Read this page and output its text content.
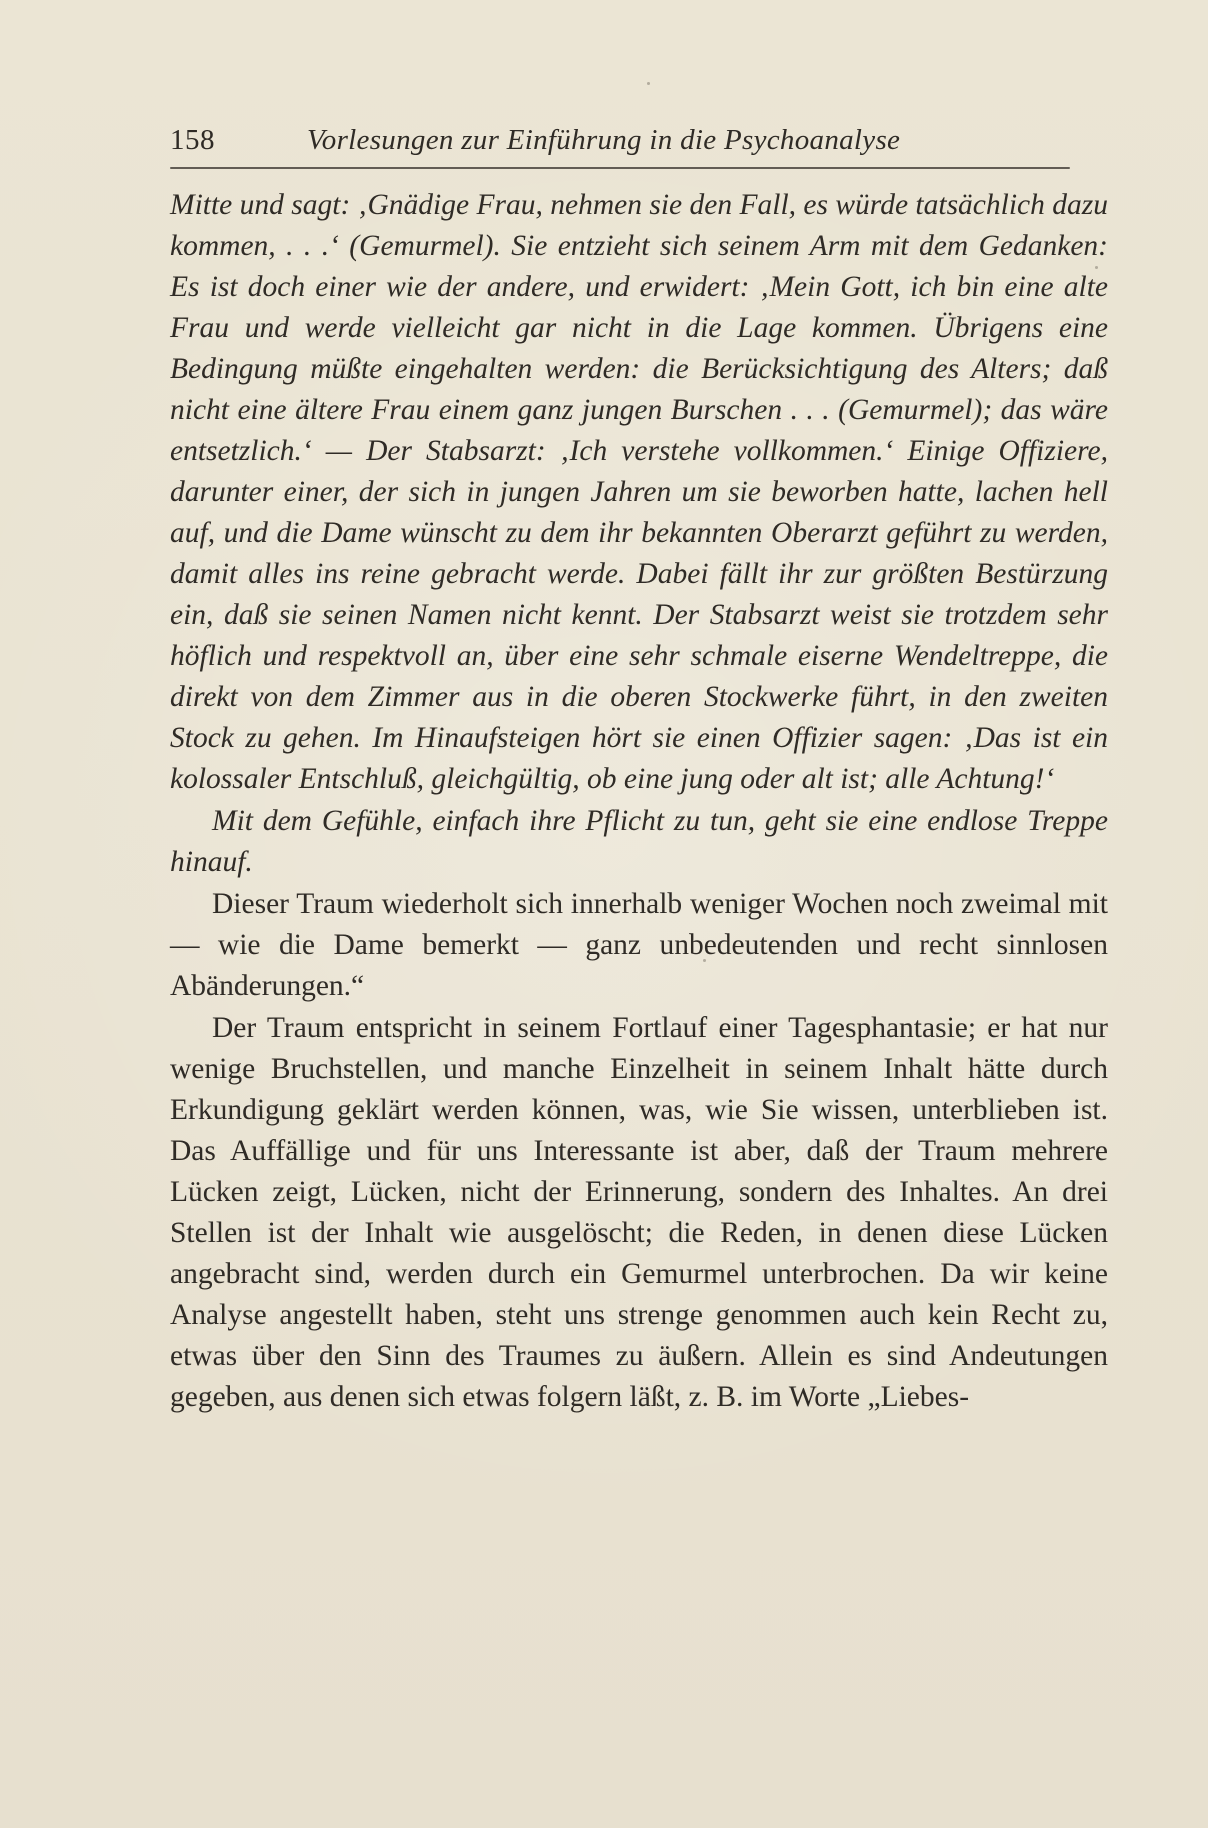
158	Vorlesungen zur Einführung in die Psychoanalyse

Mitte und sagt: ‚Gnädige Frau, nehmen sie den Fall, es würde tatsächlich dazu kommen, . . .‘ (Gemurmel). Sie entzieht sich seinem Arm mit dem Gedanken: Es ist doch einer wie der andere, und erwidert: ‚Mein Gott, ich bin eine alte Frau und werde vielleicht gar nicht in die Lage kommen. Übrigens eine Bedingung müßte eingehalten werden: die Berücksichtigung des Alters; daß nicht eine ältere Frau einem ganz jungen Burschen . . . (Gemurmel); das wäre entsetzlich.‘ — Der Stabsarzt: ‚Ich verstehe vollkommen.‘ Einige Offiziere, darunter einer, der sich in jungen Jahren um sie beworben hatte, lachen hell auf, und die Dame wünscht zu dem ihr bekannten Oberarzt geführt zu werden, damit alles ins reine gebracht werde. Dabei fällt ihr zur größten Bestürzung ein, daß sie seinen Namen nicht kennt. Der Stabsarzt weist sie trotzdem sehr höflich und respektvoll an, über eine sehr schmale eiserne Wendeltreppe, die direkt von dem Zimmer aus in die oberen Stockwerke führt, in den zweiten Stock zu gehen. Im Hinaufsteigen hört sie einen Offizier sagen: ‚Das ist ein kolossaler Entschluß, gleichgültig, ob eine jung oder alt ist; alle Achtung!‘

Mit dem Gefühle, einfach ihre Pflicht zu tun, geht sie eine endlose Treppe hinauf.

Dieser Traum wiederholt sich innerhalb weniger Wochen noch zweimal mit — wie die Dame bemerkt — ganz unbedeutenden und recht sinnlosen Abänderungen.“

Der Traum entspricht in seinem Fortlauf einer Tagesphantasie; er hat nur wenige Bruchstellen, und manche Einzelheit in seinem Inhalt hätte durch Erkundigung geklärt werden können, was, wie Sie wissen, unterblieben ist. Das Auffällige und für uns Interessante ist aber, daß der Traum mehrere Lücken zeigt, Lücken, nicht der Erinnerung, sondern des Inhaltes. An drei Stellen ist der Inhalt wie ausgelöscht; die Reden, in denen diese Lücken angebracht sind, werden durch ein Gemurmel unterbrochen. Da wir keine Analyse angestellt haben, steht uns strenge genommen auch kein Recht zu, etwas über den Sinn des Traumes zu äußern. Allein es sind Andeutungen gegeben, aus denen sich etwas folgern läßt, z. B. im Worte „Liebes-
